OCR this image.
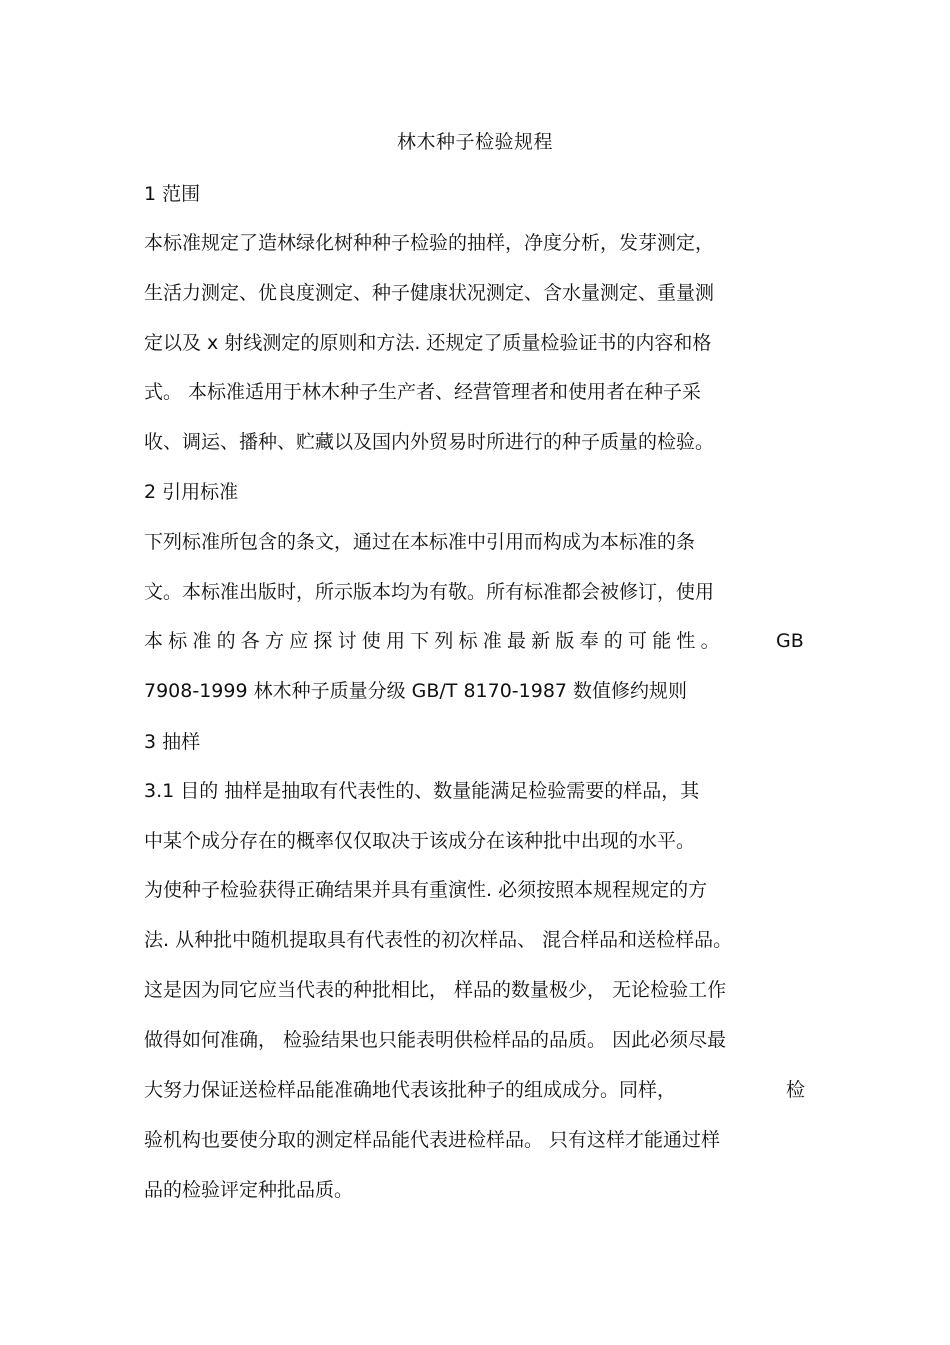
林木种子检验规程
1 范围
本标准规定了造林绿化树种种子检验的抽样，净度分析，发芽测定，
生活力测定、优良度测定、种子健康状况测定、含水量测定、重量测
定以及 x 射线测定的原则和方法. 还规定了质量检验证书的内容和格
式。 本标准适用于林木种子生产者、经营管理者和使用者在种子采
收、调运、播种、贮藏以及国内外贸易时所进行的种子质量的检验。
2 引用标准
下列标准所包含的条文，通过在本标准中引用而构成为本标准的条
文。本标准出版时，所示版本均为有敬。所有标准都会被修订，使用
本标准的各方应探讨使用下列标准最新版奉的可能性。	GB
7908-1999 林木种子质量分级 GB/T 8170-1987 数值修约规则
3 抽样
3.1 目的 抽样是抽取有代表性的、数量能满足检验需要的样品，其
中某个成分存在的概率仅仅取决于该成分在该种批中出现的水平。
为使种子检验获得正确结果并具有重演性. 必须按照本规程规定的方
法. 从种批中随机提取具有代表性的初次样品、 混合样品和送检样品。
这是因为同它应当代表的种批相比， 样品的数量极少， 无论检验工作
做得如何准确， 检验结果也只能表明供检样品的品质。 因此必须尽最
大努力保证送检样品能准确地代表该批种子的组成成分。同样，	检
验机构也要使分取的测定样品能代表进检样品。 只有这样才能通过样
品的检验评定种批品质。
